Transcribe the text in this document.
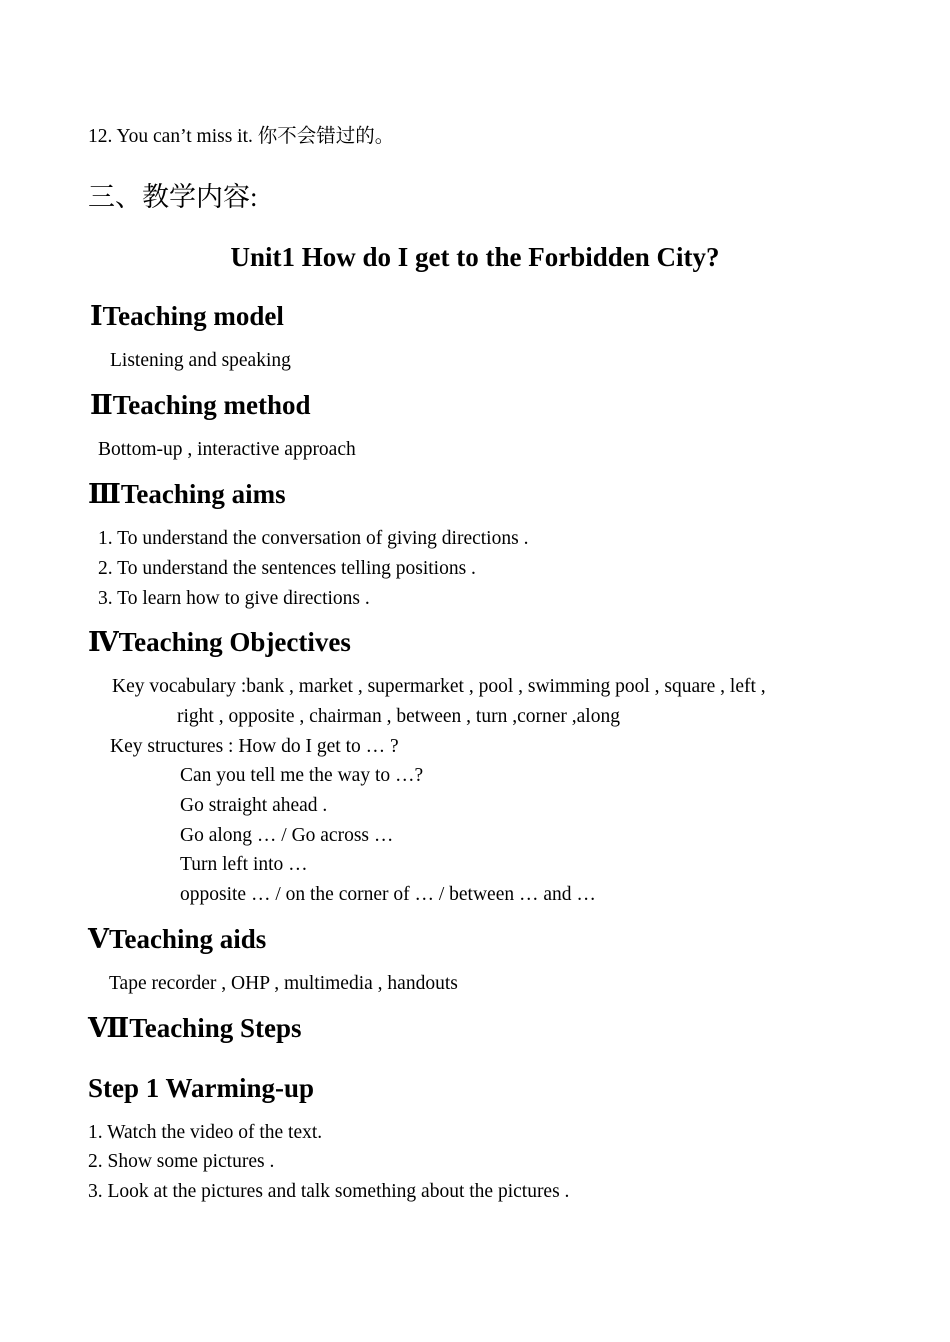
12. You can’t miss it. 你不会错过的。
三、教学内容:
Unit1 How do I get to the Forbidden City?
ⅠTeaching model
Listening and speaking
ⅡTeaching method
Bottom-up , interactive approach
ⅢTeaching aims
1. To understand the conversation of giving directions .
2. To understand the sentences telling positions .
3. To learn how to give directions .
ⅣTeaching Objectives
Key vocabulary :bank , market , supermarket , pool , swimming pool , square , left ,
right , opposite , chairman , between , turn ,corner ,along
Key structures : How do I get to … ?
Can you tell me the way to …?
Go straight ahead .
Go along … / Go across …
Turn left into …
opposite … / on the corner of … / between … and …
ⅤTeaching aids
Tape recorder , OHP , multimedia , handouts
ⅦTeaching Steps
Step 1 Warming-up
1. Watch the video of the text.
2. Show some pictures .
3. Look at the pictures and talk something about the pictures .
